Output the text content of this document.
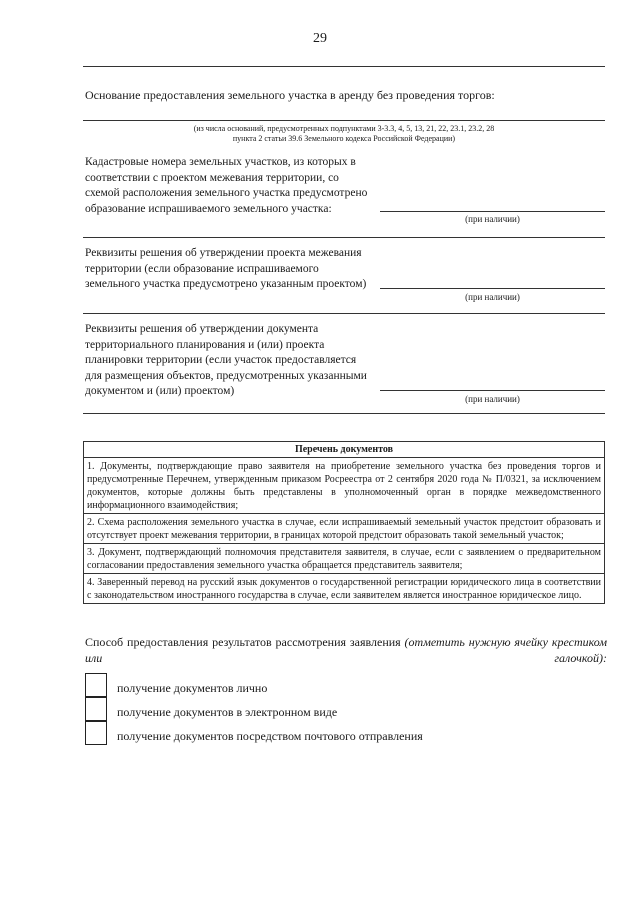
29
Основание предоставления земельного участка в аренду без проведения торгов:
(из числа оснований, предусмотренных подпунктами 3-3.3, 4, 5, 13, 21, 22, 23.1, 23.2, 28
пункта 2 статьи 39.6 Земельного кодекса Российской Федерации)
Кадастровые номера земельных участков, из которых в
соответствии с проектом межевания территории, со
схемой расположения земельного участка предусмотрено
образование испрашиваемого земельного участка:
(при наличии)
Реквизиты решения об утверждении проекта межевания
территории (если образование испрашиваемого
земельного участка предусмотрено указанным проектом)
(при наличии)
Реквизиты решения об утверждении документа
территориального планирования и (или) проекта
планировки территории (если участок предоставляется
для размещения объектов, предусмотренных указанными
документом и (или) проектом)
(при наличии)
Перечень документов
1. Документы, подтверждающие право заявителя на приобретение земельного участка без проведения торгов и предусмотренные Перечнем, утвержденным приказом Росреестра от 2 сентября 2020 года № П/0321, за исключением документов, которые должны быть представлены в уполномоченный орган в порядке межведомственного информационного взаимодействия;
2. Схема расположения земельного участка в случае, если испрашиваемый земельный участок предстоит образовать и отсутствует проект межевания территории, в границах которой предстоит образовать такой земельный участок;
3. Документ, подтверждающий полномочия представителя заявителя, в случае, если с заявлением о предварительном согласовании предоставления земельного участка обращается представитель заявителя;
4. Заверенный перевод на русский язык документов о государственной регистрации юридического лица в соответствии с законодательством иностранного государства в случае, если заявителем является иностранное юридическое лицо.
Способ предоставления результатов рассмотрения заявления (отметить нужную ячейку крестиком или галочкой):
получение документов лично
получение документов в электронном виде
получение документов посредством почтового отправления
